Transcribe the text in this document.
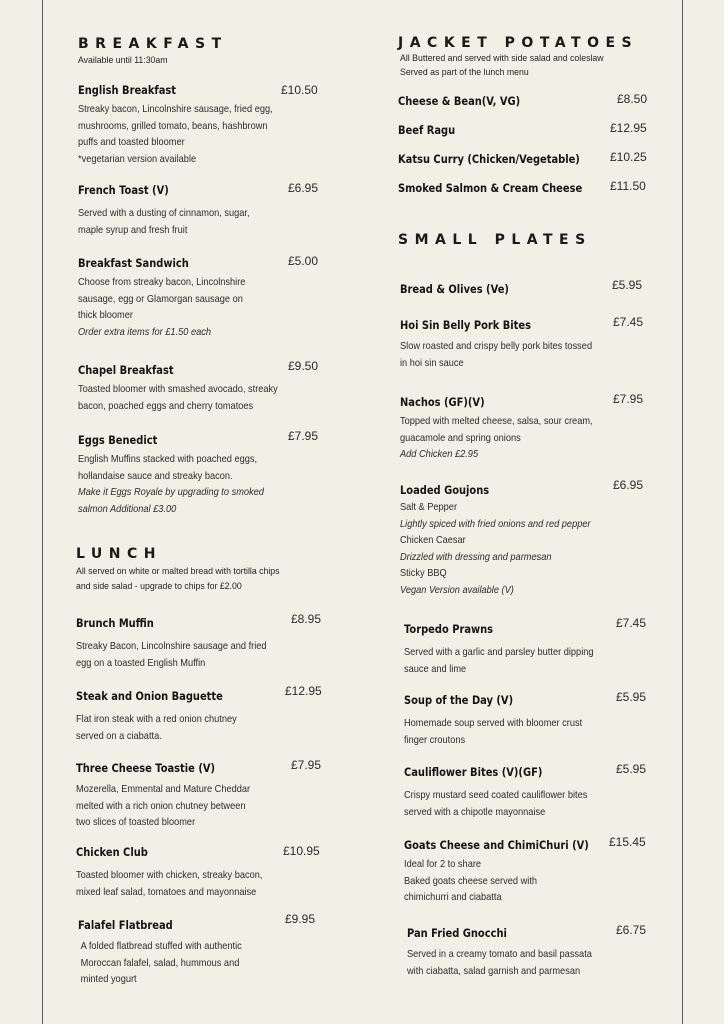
BREAKFAST
Available until 11:30am
English Breakfast	£10.50
Streaky bacon, Lincolnshire sausage, fried egg,
mushrooms, grilled tomato, beans, hashbrown
puffs and toasted bloomer
*vegetarian version available
French Toast (V)	£6.95
Served with a dusting of cinnamon, sugar,
maple syrup and fresh fruit
Breakfast Sandwich	£5.00
Choose from streaky bacon, Lincolnshire
sausage, egg or Glamorgan sausage on
thick bloomer
Order extra items for £1.50 each
Chapel Breakfast	£9.50
Toasted bloomer with smashed avocado, streaky
bacon, poached eggs and cherry tomatoes
Eggs Benedict	£7.95
English Muffins stacked with poached eggs,
hollandaise sauce and streaky bacon.
Make it Eggs Royale by upgrading to smoked
salmon Additional £3.00
LUNCH
All served on white or malted bread with tortilla chips
and side salad - upgrade to chips for £2.00
Brunch Muffin	£8.95
Streaky Bacon, Lincolnshire sausage and fried
egg on a toasted English Muffin
Steak and Onion Baguette	£12.95
Flat iron steak with a red onion chutney
served on a ciabatta.
Three Cheese Toastie (V)	£7.95
Mozerella, Emmental and Mature Cheddar
melted with a rich onion chutney between
two slices of toasted bloomer
Chicken Club	£10.95
Toasted bloomer with chicken, streaky bacon,
mixed leaf salad, tomatoes and mayonnaise
Falafel Flatbread	£9.95
A folded flatbread stuffed with authentic
Moroccan falafel, salad, hummous and
minted yogurt
JACKET POTATOES
All Buttered and served with side salad and coleslaw
Served as part of the lunch menu
Cheese & Bean(V, VG)	£8.50
Beef Ragu	£12.95
Katsu Curry (Chicken/Vegetable)	£10.25
Smoked Salmon & Cream Cheese £11.50
SMALL PLATES
Bread & Olives (Ve)	£5.95
Hoi Sin Belly Pork Bites	£7.45
Slow roasted and crispy belly pork bites tossed
in hoi sin sauce
Nachos (GF)(V)	£7.95
Topped with melted cheese, salsa, sour cream,
guacamole and spring onions
Add Chicken £2.95
Loaded Goujons	£6.95
Salt & Pepper
Lightly spiced with fried onions and red pepper
Chicken Caesar
Drizzled with dressing and parmesan
Sticky BBQ
Vegan Version available (V)
Torpedo Prawns	£7.45
Served with a garlic and parsley butter dipping
sauce and lime
Soup of the Day (V)	£5.95
Homemade soup served with bloomer crust
finger croutons
Cauliflower Bites (V)(GF)	£5.95
Crispy mustard seed coated cauliflower bites
served with a chipotle mayonnaise
Goats Cheese and ChimiChuri (V) £15.45
Ideal for 2 to share
Baked goats cheese served with
chimichurri and ciabatta
Pan Fried Gnocchi	£6.75
Served in a creamy tomato and basil passata
with ciabatta, salad garnish and parmesan
